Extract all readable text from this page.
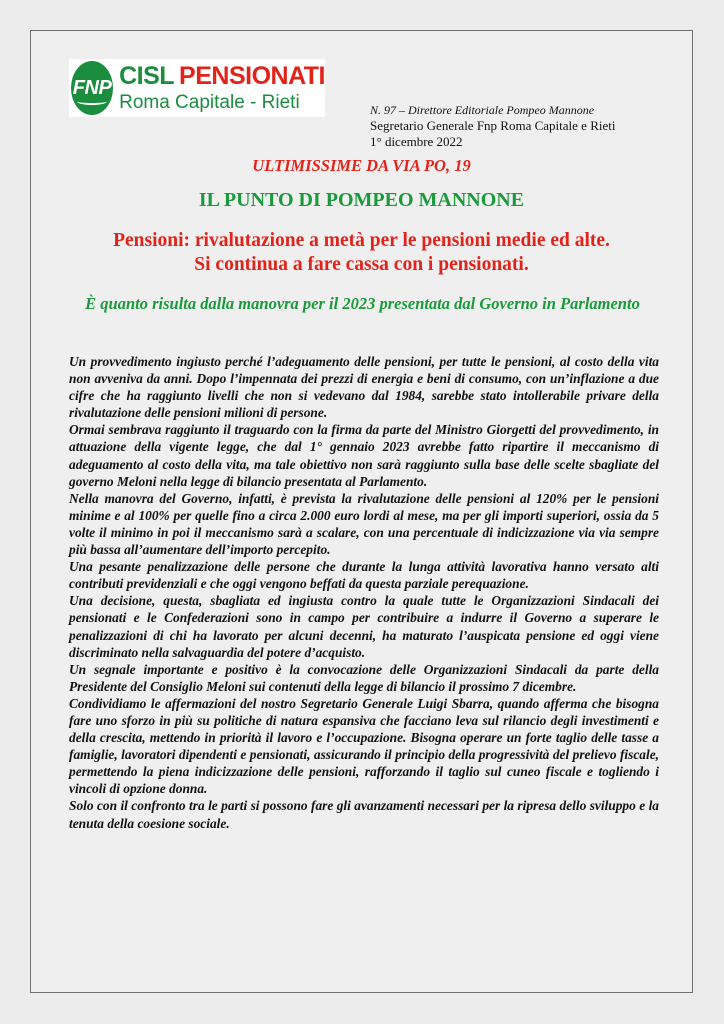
FNP CISL PENSIONATI
Roma Capitale - Rieti	N. 97 – Direttore Editoriale Pompeo Mannone
Segretario Generale Fnp Roma Capitale e Rieti
1° dicembre 2022
ULTIMISSIME DA VIA PO, 19
IL PUNTO DI POMPEO MANNONE
Pensioni: rivalutazione a metà per le pensioni medie ed alte.
Si continua a fare cassa con i pensionati.
È quanto risulta dalla manovra per il 2023 presentata dal Governo in Parlamento

Un provvedimento ingiusto perché l’adeguamento delle pensioni, per tutte le pensioni, al costo della vita non avveniva da anni. Dopo l’impennata dei prezzi di energia e beni di consumo, con un’inflazione a due cifre che ha raggiunto livelli che non si vedevano dal 1984, sarebbe stato intollerabile privare della rivalutazione delle pensioni milioni di persone.

Ormai sembrava raggiunto il traguardo con la firma da parte del Ministro Giorgetti del provvedimento, in attuazione della vigente legge, che dal 1° gennaio 2023 avrebbe fatto ripartire il meccanismo di adeguamento al costo della vita, ma tale obiettivo non sarà raggiunto sulla base delle scelte sbagliate del governo Meloni nella legge di bilancio presentata al Parlamento.

Nella manovra del Governo, infatti, è prevista la rivalutazione delle pensioni al 120% per le pensioni minime e al 100% per quelle fino a circa 2.000 euro lordi al mese, ma per gli importi superiori, ossia da 5 volte il minimo in poi il meccanismo sarà a scalare, con una percentuale di indicizzazione via via sempre più bassa all’aumentare dell’importo percepito.

Una pesante penalizzazione delle persone che durante la lunga attività lavorativa hanno versato alti contributi previdenziali e che oggi vengono beffati da questa parziale perequazione.

Una decisione, questa, sbagliata ed ingiusta contro la quale tutte le Organizzazioni Sindacali dei pensionati e le Confederazioni sono in campo per contribuire a indurre il Governo a superare le penalizzazioni di chi ha lavorato per alcuni decenni, ha maturato l’auspicata pensione ed oggi viene discriminato nella salvaguardia del potere d’acquisto.

Un segnale importante e positivo è la convocazione delle Organizzazioni Sindacali da parte della Presidente del Consiglio Meloni sui contenuti della legge di bilancio il prossimo 7 dicembre.

Condividiamo le affermazioni del nostro Segretario Generale Luigi Sbarra, quando afferma che bisogna fare uno sforzo in più su politiche di natura espansiva che facciano leva sul rilancio degli investimenti e della crescita, mettendo in priorità il lavoro e l’occupazione. Bisogna operare un forte taglio delle tasse a famiglie, lavoratori dipendenti e pensionati, assicurando il principio della progressività del prelievo fiscale, permettendo la piena indicizzazione delle pensioni, rafforzando il taglio sul cuneo fiscale e togliendo i vincoli di opzione donna.

Solo con il confronto tra le parti si possono fare gli avanzamenti necessari per la ripresa dello sviluppo e la tenuta della coesione sociale.
